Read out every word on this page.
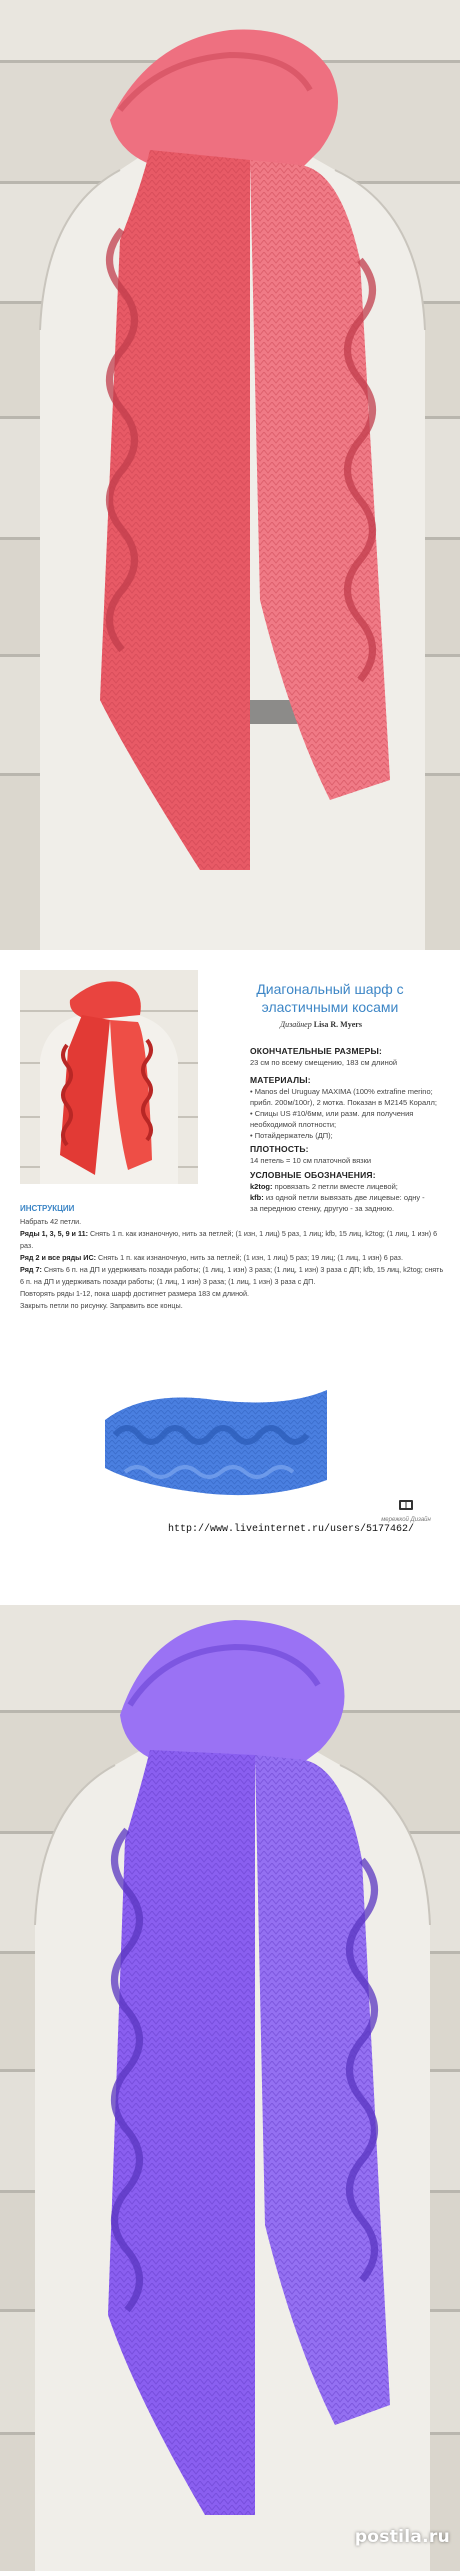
Диагональный шарф с
эластичными косами
Дизайнер Lisa R. Myers
ОКОНЧАТЕЛЬНЫЕ РАЗМЕРЫ:
23 см по всему смещению, 183 см длиной
МАТЕРИАЛЫ:
• Manos del Uruguay MAXIMA (100% extrafine merino;
прибл. 200м/100г), 2 мотка. Показан в M2145 Коралл;
• Спицы US #10/6мм, или разм. для получения
необходимой плотности;
• Потайдержатель (ДП);
ПЛОТНОСТЬ:
14 петель = 10 см платочной вязки
УСЛОВНЫЕ ОБОЗНАЧЕНИЯ:
k2tog: провязать 2 петли вместе лицевой;
kfb: из одной петли вывязать две лицевые: одну -
за переднюю стенку, другую - за заднюю.
ИНСТРУКЦИИ

Набрать 42 петли.

Ряды 1, 3, 5, 9 и 11: Снять 1 п. как изнаночную, нить за петлей; (1 изн, 1 лиц) 5 раз, 1 лиц; kfb, 15 лиц, k2tog; (1 лиц, 1 изн) 6 раз.

Ряд 2 и все ряды ИС: Снять 1 п. как изнаночную, нить за петлей; (1 изн, 1 лиц) 5 раз; 19 лиц; (1 лиц, 1 изн) 6 раз.

Ряд 7: Снять 6 п. на ДП и удерживать позади работы; (1 лиц, 1 изн) 3 раза; (1 лиц, 1 изн) 3 раза с ДП; kfb, 15 лиц, k2tog; снять 6 п. на ДП и удерживать позади работы; (1 лиц, 1 изн) 3 раза; (1 лиц, 1 изн) 3 раза с ДП.

Повторять ряды 1-12, пока шарф достигнет размера 183 см длиной.

Закрыть петли по рисунку. Заправить все концы.

мережкой Дизайн
http://www.liveinternet.ru/users/5177462/
postila.ru
